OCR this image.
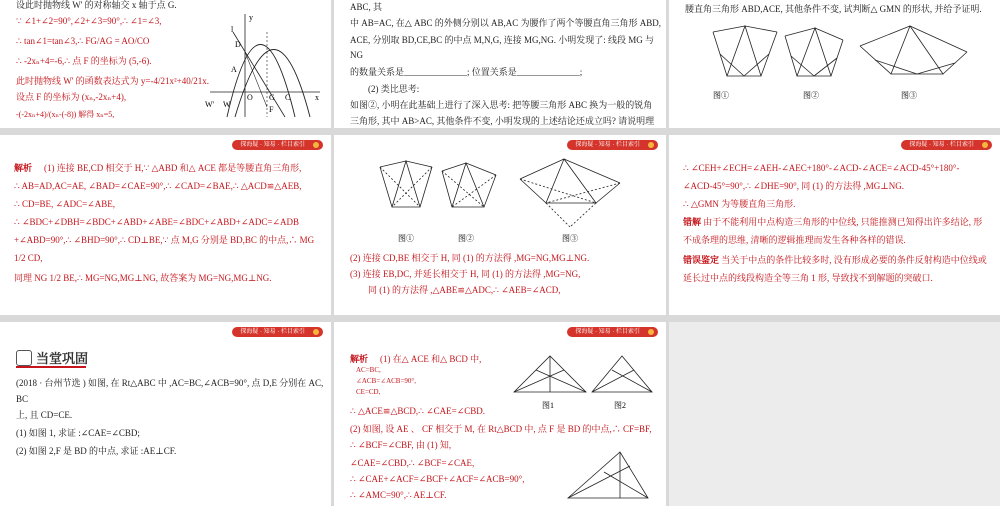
设此时抛物线 W' 的对称轴交 x 轴于点 G.
∵ ∠1+∠2=90°,∠2+∠3=90°,∴ ∠1=∠3,
∴ tan∠1=tan∠3,∴ FG/AG = AO/CO
∴ -2xₙ+4=-6,∴ 点 F 的坐标为 (5,-6).
此时抛物线 W' 的函数表达式为 y=-4/21x²+40/21x.
设点 F 的坐标为 (xₙ,-2xₙ+4),
-(-2xₙ+4)/(xₙ-(-8)) 解得 xₙ=5,
y
l
D
A
F
W' W
O	x
C
G
ABC, 其
中 AB=AC, 在△ ABC 的外侧分别以 AB,AC 为腰作了两个等腰直角三角形 ABD,
ACE, 分别取 BD,CE,BC 的中点 M,N,G, 连接 MG,NG. 小明发现了: 线段 MG 与
NG
的数量关系是______________; 位置关系是______________;
(2) 类比思考:
如图②, 小明在此基础上进行了深入思考: 把等腰三角形 ABC 换为一般的锐角
三角形, 其中 AB>AC, 其他条件不变, 小明发现的上述结论还成立吗? 请说明理
腰直角三角形 ABD,ACE, 其他条件不变, 试判断△ GMN 的形状, 并给予证明.
图①	图②	图③
探海疑 · 知易 · 栏目索引
解析 (1) 连接 BE,CD 相交于 H,∵ △ABD 和△ ACE 都是等腰直角三角形,
∴ AB=AD,AC=AE, ∠BAD=∠CAE=90°,∴ ∠CAD=∠BAE,∴ △ACD≌△AEB,
∴ CD=BE, ∠ADC=∠ABE,
∴ ∠BDC+∠DBH=∠BDC+∠ABD+∠ABE=∠BDC+∠ABD+∠ADC=∠ADB
+∠ABD=90°,∴ ∠BHD=90°,∴ CD⊥BE,∵ 点 M,G 分别是 BD,BC 的中点,∴ MG
1/2 CD,
同理 NG 1/2 BE,∴ MG=NG,MG⊥NG, 故答案为 MG=NG,MG⊥NG.
探海疑 · 知易 · 栏目索引
图①	图②	图③
(2) 连接 CD,BE 相交于 H, 同 (1) 的方法得 ,MG=NG,MG⊥NG.
(3) 连接 EB,DC, 并延长相交于 H, 同 (1) 的方法得 ,MG=NG,
同 (1) 的方法得 ,△ABE≌△ADC,∴ ∠AEB=∠ACD,
探海疑 · 知易 · 栏目索引
∴ ∠CEH+∠ECH=∠AEH-∠AEC+180°-∠ACD-∠ACE=∠ACD-45°+180°-
∠ACD-45°=90°,∴ ∠DHE=90°, 同 (1) 的方法得 ,MG⊥NG.
∴ △GMN 为等腰直角三角形.
错解 由于不能利用中点构造三角形的中位线, 只能推测已知得出许多结论, 形不成条理的思维, 清晰的逻辑推理而发生各种各样的错误.
错误鉴定 当关于中点的条件比较多时, 没有形成必要的条件反射构造中位线或延长过中点的线段构造全等三角 1 形, 导致找不到解题的突破口.
探海疑 · 知易 · 栏目索引
当堂巩固
(2018 · 台州节选 ) 如图, 在 Rt△ABC 中 ,AC=BC,∠ACB=90°, 点 D,E 分别在 AC,
BC
上, 且 CD=CE.
(1) 如图 1, 求证 :∠CAE=∠CBD;
(2) 如图 2,F 是 BD 的中点, 求证 :AE⊥CF.
探海疑 · 知易 · 栏目索引
解析 (1) 在△ ACE 和△ BCD 中,
AC=BC,
∠ACB=∠ACB=90°,
CE=CD,
∴ △ACE≌△BCD,∴ ∠CAE=∠CBD.
(2) 如图, 设 AE 、 CF 相交于 M, 在 Rt△BCD 中, 点 F 是 BD 的中点,∴ CF=BF,
∴ ∠BCF=∠CBF, 由 (1) 知,
∠CAE=∠CBD,∴ ∠BCF=∠CAE,
∴ ∠CAE+∠ACF=∠BCF+∠ACF=∠ACB=90°,
∴ ∠AMC=90°,∴ AE⊥CF.
图1	图2
